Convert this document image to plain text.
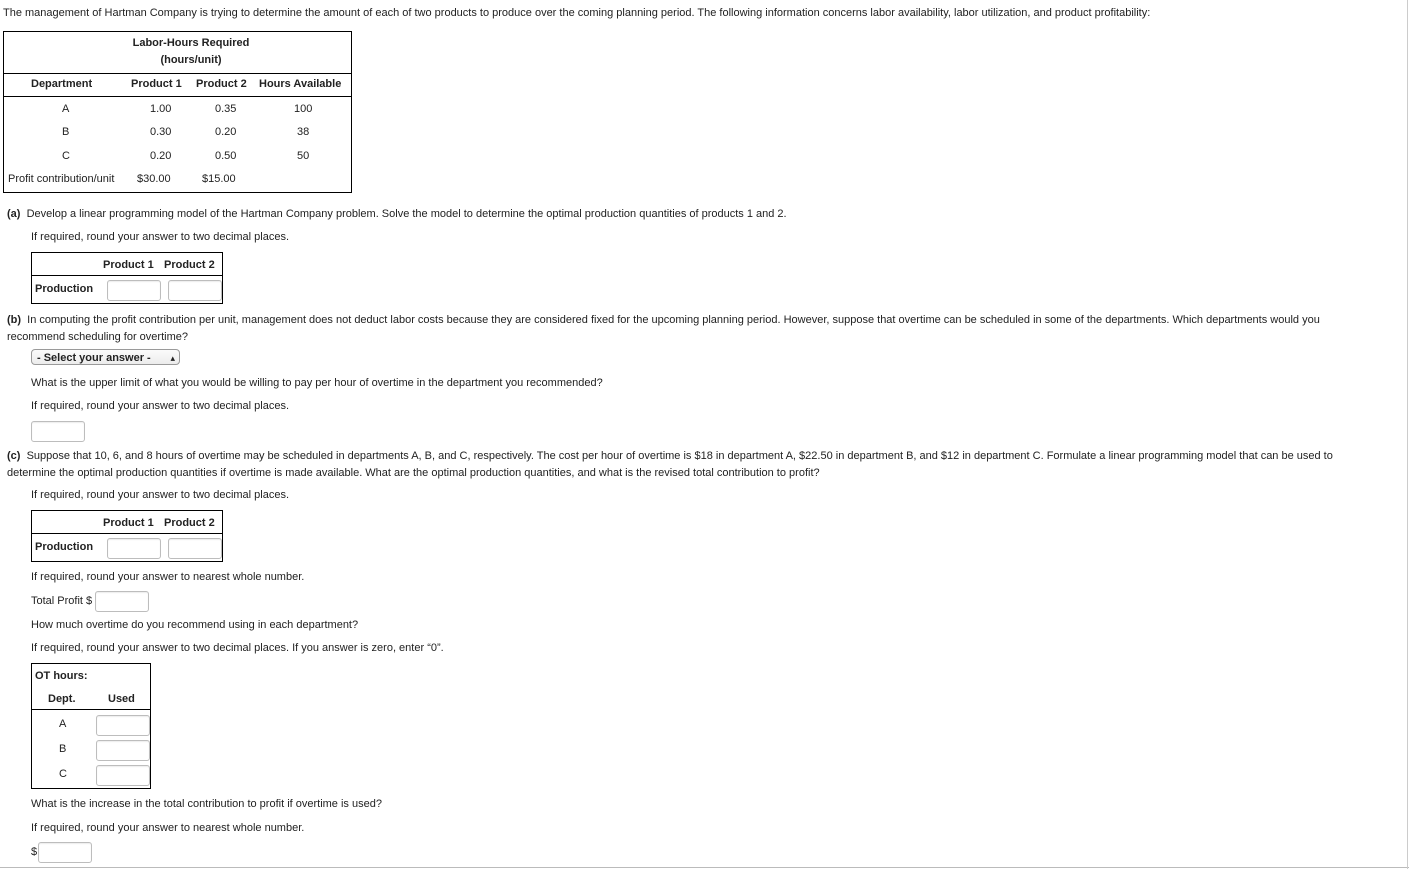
The management of Hartman Company is trying to determine the amount of each of two products to produce over the coming planning period. The following information concerns labor availability, labor utilization, and product profitability:
Labor-Hours Required
(hours/unit)
Department	Product 1 Product 2 Hours Available
A	1.00	0.35	100
B	0.30	0.20	38
C	0.20	0.50	50
Profit contribution/unit $30.00	$15.00
(a) Develop a linear programming model of the Hartman Company problem. Solve the model to determine the optimal production quantities of products 1 and 2.
If required, round your answer to two decimal places.
Product 1 Product 2
Production
(b) In computing the profit contribution per unit, management does not deduct labor costs because they are considered fixed for the upcoming planning period. However, suppose that overtime can be scheduled in some of the departments. Which departments would you recommend scheduling for overtime?
- Select your answer - ▴

What is the upper limit of what you would be willing to pay per hour of overtime in the department you recommended?
If required, round your answer to two decimal places.
(c) Suppose that 10, 6, and 8 hours of overtime may be scheduled in departments A, B, and C, respectively. The cost per hour of overtime is $18 in department A, $22.50 in department B, and $12 in department C. Formulate a linear programming model that can be used to determine the optimal production quantities if overtime is made available. What are the optimal production quantities, and what is the revised total contribution to profit?
If required, round your answer to two decimal places.
Product 1 Product 2
Production
If required, round your answer to nearest whole number.
Total Profit $
How much overtime do you recommend using in each department?
If required, round your answer to two decimal places. If you answer is zero, enter “0”.
OT hours:
Dept.	Used
A
B
C
What is the increase in the total contribution to profit if overtime is used?
If required, round your answer to nearest whole number.
$
